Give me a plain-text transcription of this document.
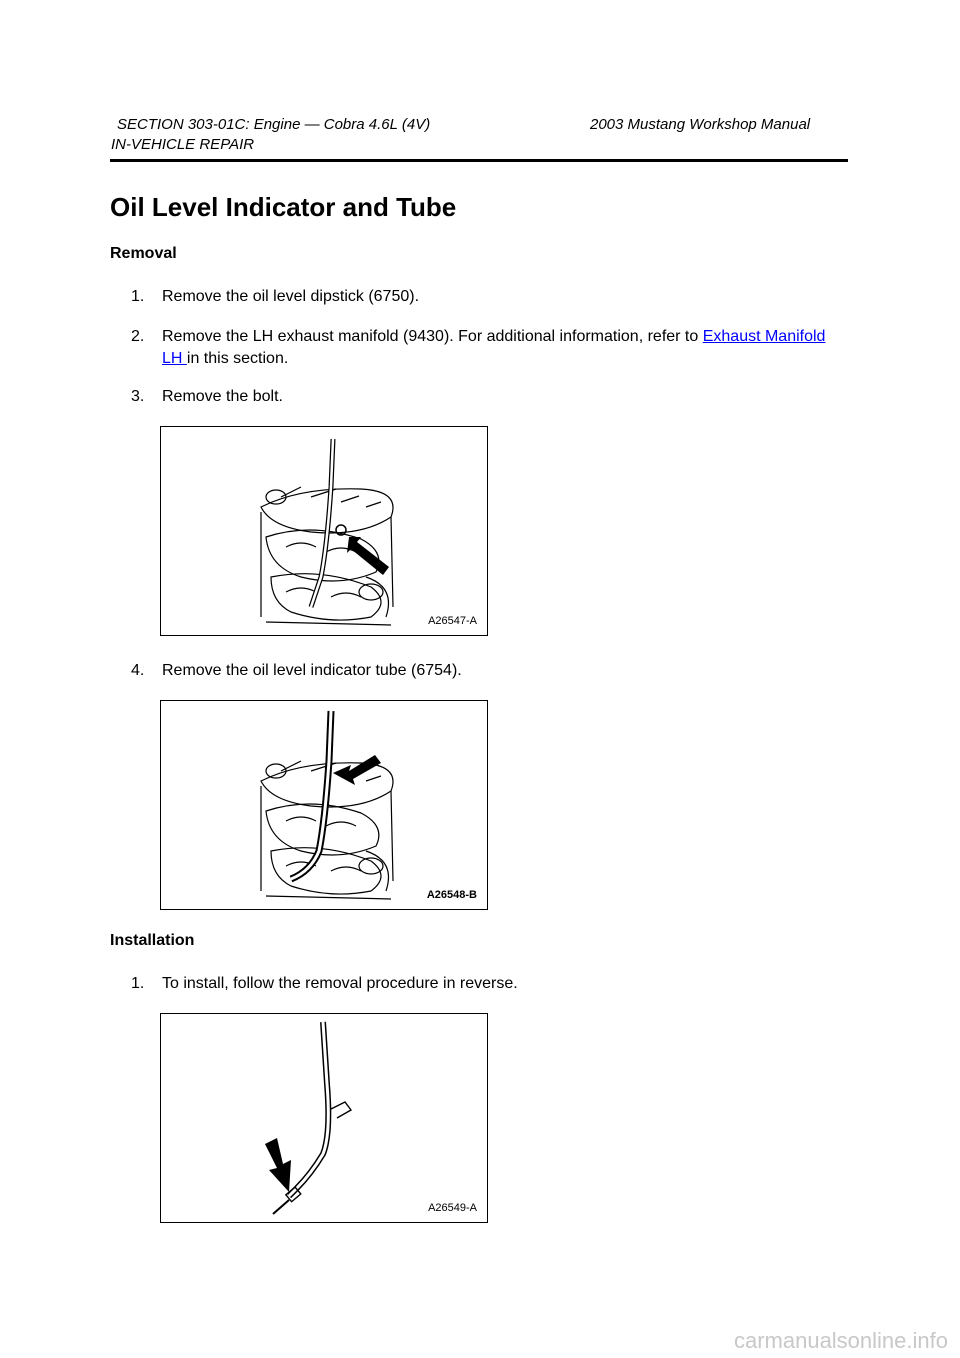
SECTION 303-01C: Engine — Cobra 4.6L (4V)	2003 Mustang Workshop Manual
IN-VEHICLE REPAIR
Oil Level Indicator and Tube
Removal
1.	Remove the oil level dipstick (6750).
2.	Remove the LH exhaust manifold (9430). For additional information, refer to Exhaust Manifold LH in this section.
3.	Remove the bolt.
A26547-A
4.	Remove the oil level indicator tube (6754).
A26548-B
Installation
1.	To install, follow the removal procedure in reverse.
A26549-A
carmanualsonline.info
